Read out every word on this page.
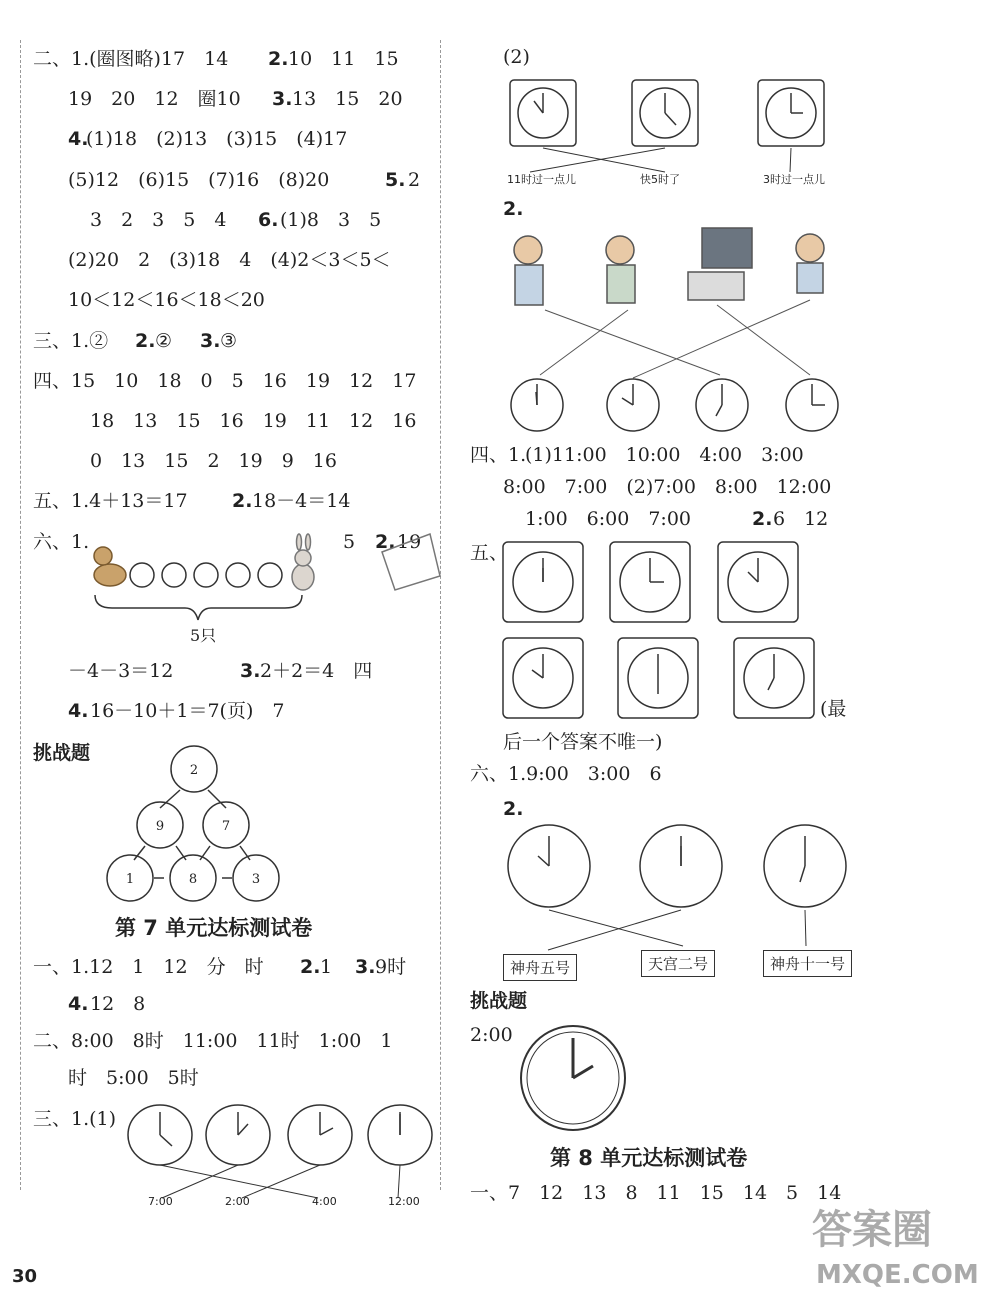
二、1.(圈图略)17　14 2. 10　11　15
19　20　12　圈10 3. 13　15　20
4.
(1)18　(2)13　(3)15　(4)17
(5)12　(6)15　(7)16　(8)20	5. 2
3　2　3　5　4 6. (1)8　3　5
(2)20　2　(3)18　4　(4)2＜3＜5＜
10＜12＜16＜18＜20
三、1.② 2. ② 3. ③
四、15　10　18　0　5　16　19　12　17
18　13　15　16　19　11　12　16
0　13　15　2　19　9　16
五、1.4＋13＝17 2. 18－4＝14
六、1.	5 2. 19
5只
－4－3＝12	3. 2＋2＝4　四
4. 16－10＋1＝7(页)　7
挑战题
第 7 单元达标测试卷
一、1.12　1　12　分　时 2. 1 3. 9时
4. 12　8
二、8:00　8时　11:00　11时　1:00　1
时　5:00　5时
三、1.(1)
7:00	2:00	4:00	12:00
30
(2)
11时过一点儿	快5时了	3时过一点儿
2.
四、1.
(1)11:00　10:00　4:00　3:00
8:00　7:00　(2)7:00　8:00　12:00
1:00　6:00　7:00	2. 6　12
五、
(最
后一个答案不唯一)
六、1.9:00　3:00　6
2.
神舟五号	天宫二号	神舟十一号
挑战题
2:00
第 8 单元达标测试卷
一、7　12　13　8　11　15　14　5　14
答案圈
MXQE.COM
2
9	7
1	8	3
